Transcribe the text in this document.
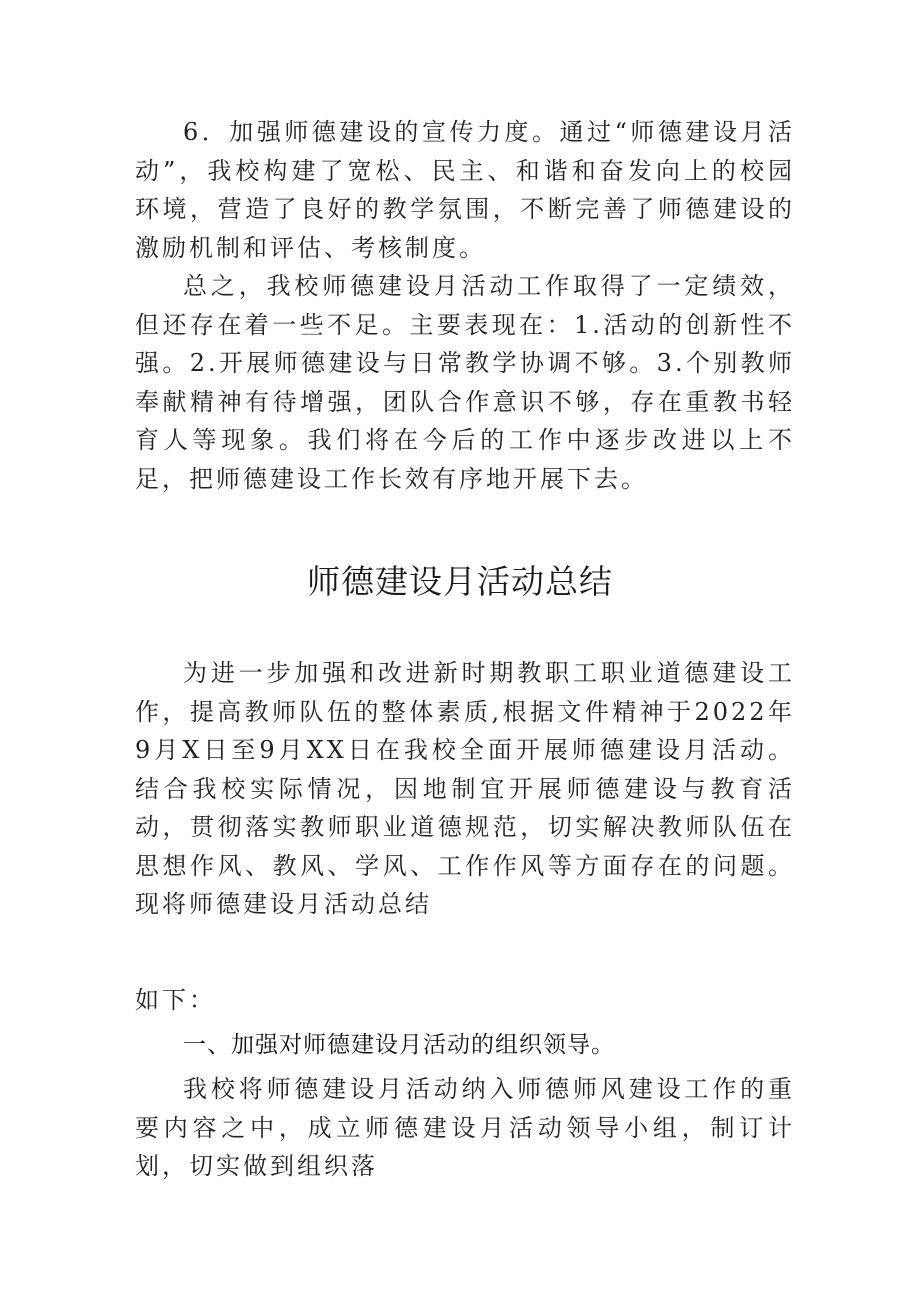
6．加强师德建设的宣传力度。通过“师德建设月活动”，我校构建了宽松、民主、和谐和奋发向上的校园环境，营造了良好的教学氛围，不断完善了师德建设的激励机制和评估、考核制度。

总之，我校师德建设月活动工作取得了一定绩效，但还存在着一些不足。主要表现在：1.活动的创新性不强。2.开展师德建设与日常教学协调不够。3.个别教师奉献精神有待增强，团队合作意识不够，存在重教书轻育人等现象。我们将在今后的工作中逐步改进以上不足，把师德建设工作长效有序地开展下去。

师德建设月活动总结

为进一步加强和改进新时期教职工职业道德建设工作，提高教师队伍的整体素质,根据文件精神于2022年9月X日至9月XX日在我校全面开展师德建设月活动。结合我校实际情况，因地制宜开展师德建设与教育活动，贯彻落实教师职业道德规范，切实解决教师队伍在思想作风、教风、学风、工作作风等方面存在的问题。现将师德建设月活动总结

如下：

一、加强对师德建设月活动的组织领导。

我校将师德建设月活动纳入师德师风建设工作的重要内容之中，成立师德建设月活动领导小组，制订计划，切实做到组织落
